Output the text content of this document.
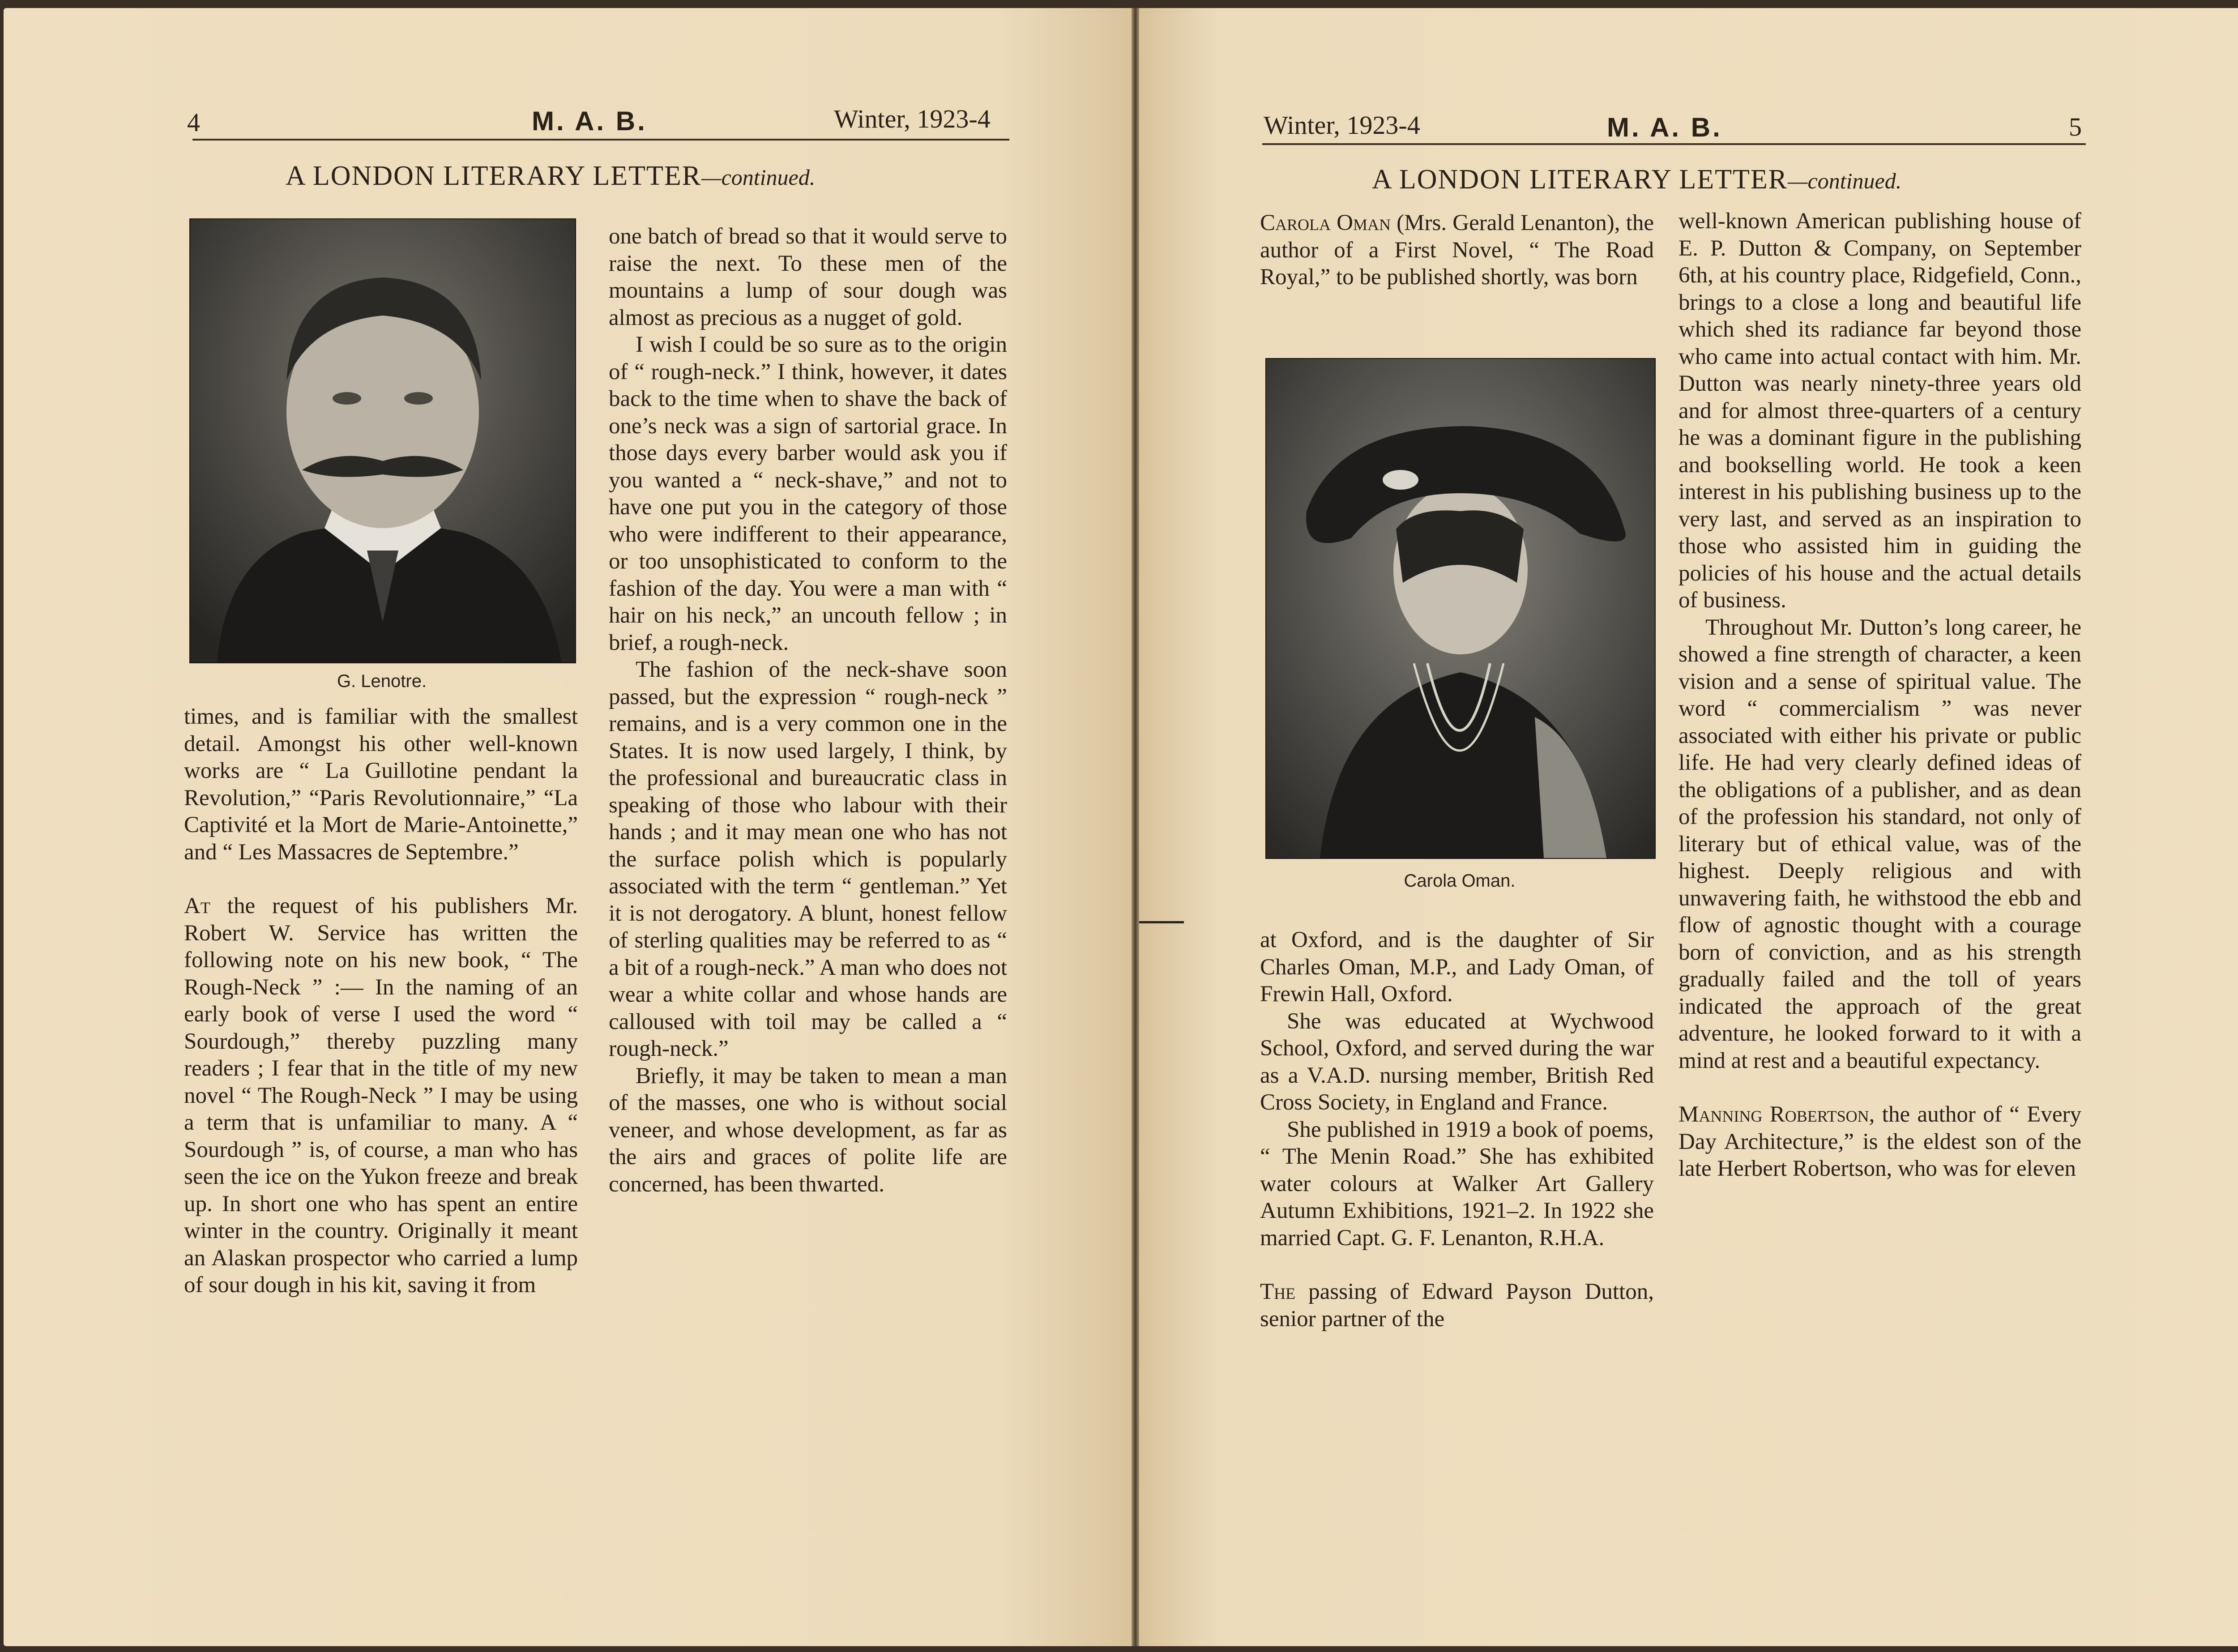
4	M. A. B.	Winter, 1923-4
A LONDON LITERARY LETTER—continued.
G. Lenotre.

times, and is familiar with the smallest detail. Amongst his other well-known works are “ La Guillotine pendant la Revolution,” “Paris Revolutionnaire,” “La Captivité et la Mort de Marie-Antoinette,” and “ Les Massacres de Septembre.”

At the request of his publishers Mr. Robert W. Service has written the following note on his new book, “ The Rough-Neck ” :— In the naming of an early book of verse I used the word “ Sourdough,” thereby puzzling many readers ; I fear that in the title of my new novel “ The Rough-Neck ” I may be using a term that is unfamiliar to many. A “ Sourdough ” is, of course, a man who has seen the ice on the Yukon freeze and break up. In short one who has spent an entire winter in the country. Originally it meant an Alaskan prospector who carried a lump of sour dough in his kit, saving it from

one batch of bread so that it would serve to raise the next. To these men of the mountains a lump of sour dough was almost as precious as a nugget of gold.

I wish I could be so sure as to the origin of “ rough-neck.” I think, however, it dates back to the time when to shave the back of one’s neck was a sign of sartorial grace. In those days every barber would ask you if you wanted a “ neck-shave,” and not to have one put you in the category of those who were indifferent to their appearance, or too unsophisticated to conform to the fashion of the day. You were a man with “ hair on his neck,” an uncouth fellow ; in brief, a rough-neck.

The fashion of the neck-shave soon passed, but the expression “ rough-neck ” remains, and is a very common one in the States. It is now used largely, I think, by the professional and bureaucratic class in speaking of those who labour with their hands ; and it may mean one who has not the surface polish which is popularly associated with the term “ gentleman.” Yet it is not derogatory. A blunt, honest fellow of sterling qualities may be referred to as “ a bit of a rough-neck.” A man who does not wear a white collar and whose hands are calloused with toil may be called a “ rough-neck.”

Briefly, it may be taken to mean a man of the masses, one who is without social veneer, and whose development, as far as the airs and graces of polite life are concerned, has been thwarted.

Winter, 1923-4	M. A. B.	5
A LONDON LITERARY LETTER—continued.

Carola Oman (Mrs. Gerald Lenanton), the author of a First Novel, “ The Road Royal,” to be published shortly, was born

Carola Oman.

at Oxford, and is the daughter of Sir Charles Oman, M.P., and Lady Oman, of Frewin Hall, Oxford.

She was educated at Wychwood School, Oxford, and served during the war as a V.A.D. nursing member, British Red Cross Society, in England and France.

She published in 1919 a book of poems, “ The Menin Road.” She has exhibited water colours at Walker Art Gallery Autumn Exhibitions, 1921–2. In 1922 she married Capt. G. F. Lenanton, R.H.A.

The passing of Edward Payson Dutton, senior partner of the

well-known American publishing house of E. P. Dutton & Company, on September 6th, at his country place, Ridgefield, Conn., brings to a close a long and beautiful life which shed its radiance far beyond those who came into actual contact with him. Mr. Dutton was nearly ninety-three years old and for almost three-quarters of a century he was a dominant figure in the publishing and bookselling world. He took a keen interest in his publishing business up to the very last, and served as an inspiration to those who assisted him in guiding the policies of his house and the actual details of business.

Throughout Mr. Dutton’s long career, he showed a fine strength of character, a keen vision and a sense of spiritual value. The word “ commercialism ” was never associated with either his private or public life. He had very clearly defined ideas of the obligations of a publisher, and as dean of the profession his standard, not only of literary but of ethical value, was of the highest. Deeply religious and with unwavering faith, he withstood the ebb and flow of agnostic thought with a courage born of conviction, and as his strength gradually failed and the toll of years indicated the approach of the great adventure, he looked forward to it with a mind at rest and a beautiful expectancy.

Manning Robertson, the author of “ Every Day Architecture,” is the eldest son of the late Herbert Robertson, who was for eleven
